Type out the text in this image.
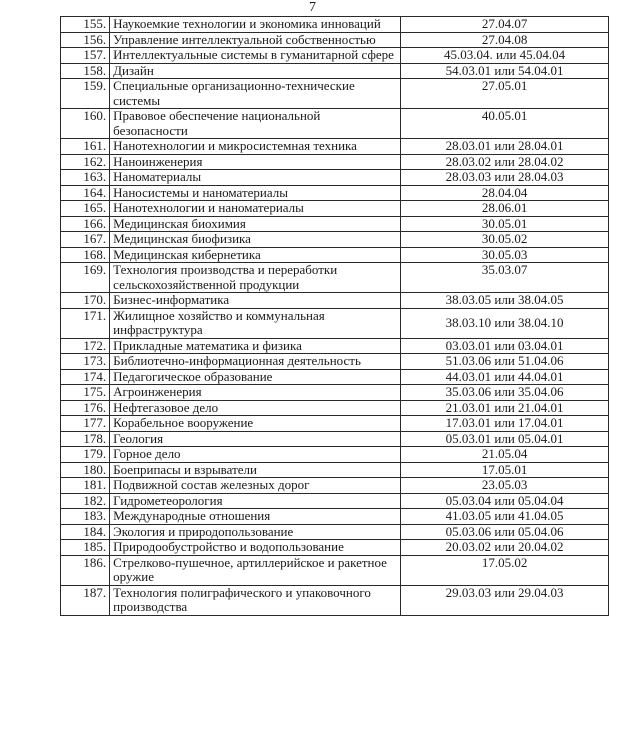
7
155.	Наукоемкие технологии и экономика инноваций	27.04.07
156.	Управление интеллектуальной собственностью	27.04.08
157.	Интеллектуальные системы в гуманитарной сфере	45.03.04. или 45.04.04
158.	Дизайн	54.03.01 или 54.04.01
159.	Специальные организационно-технические системы	27.05.01
160.	Правовое обеспечение национальной безопасности	40.05.01
161.	Нанотехнологии и микросистемная техника	28.03.01 или 28.04.01
162.	Наноинженерия	28.03.02 или 28.04.02
163.	Наноматериалы	28.03.03 или 28.04.03
164.	Наносистемы и наноматериалы	28.04.04
165.	Нанотехнологии и наноматериалы	28.06.01
166.	Медицинская биохимия	30.05.01
167.	Медицинская биофизика	30.05.02
168.	Медицинская кибернетика	30.05.03
169.	Технология производства и переработки сельскохозяйственной продукции	35.03.07
170.	Бизнес-информатика	38.03.05 или 38.04.05
171.	Жилищное хозяйство и коммунальная инфраструктура	38.03.10 или 38.04.10
172.	Прикладные математика и физика	03.03.01 или 03.04.01
173.	Библиотечно-информационная деятельность	51.03.06 или 51.04.06
174.	Педагогическое образование	44.03.01 или 44.04.01
175.	Агроинженерия	35.03.06 или 35.04.06
176.	Нефтегазовое дело	21.03.01 или 21.04.01
177.	Корабельное вооружение	17.03.01 или 17.04.01
178.	Геология	05.03.01 или 05.04.01
179.	Горное дело	21.05.04
180.	Боеприпасы и взрыватели	17.05.01
181.	Подвижной состав железных дорог	23.05.03
182.	Гидрометеорология	05.03.04 или 05.04.04
183.	Международные отношения	41.03.05 или 41.04.05
184.	Экология и природопользование	05.03.06 или 05.04.06
185.	Природообустройство и водопользование	20.03.02 или 20.04.02
186.	Стрелково-пушечное, артиллерийское и ракетное оружие	17.05.02
187.	Технология полиграфического и упаковочного производства	29.03.03 или 29.04.03
